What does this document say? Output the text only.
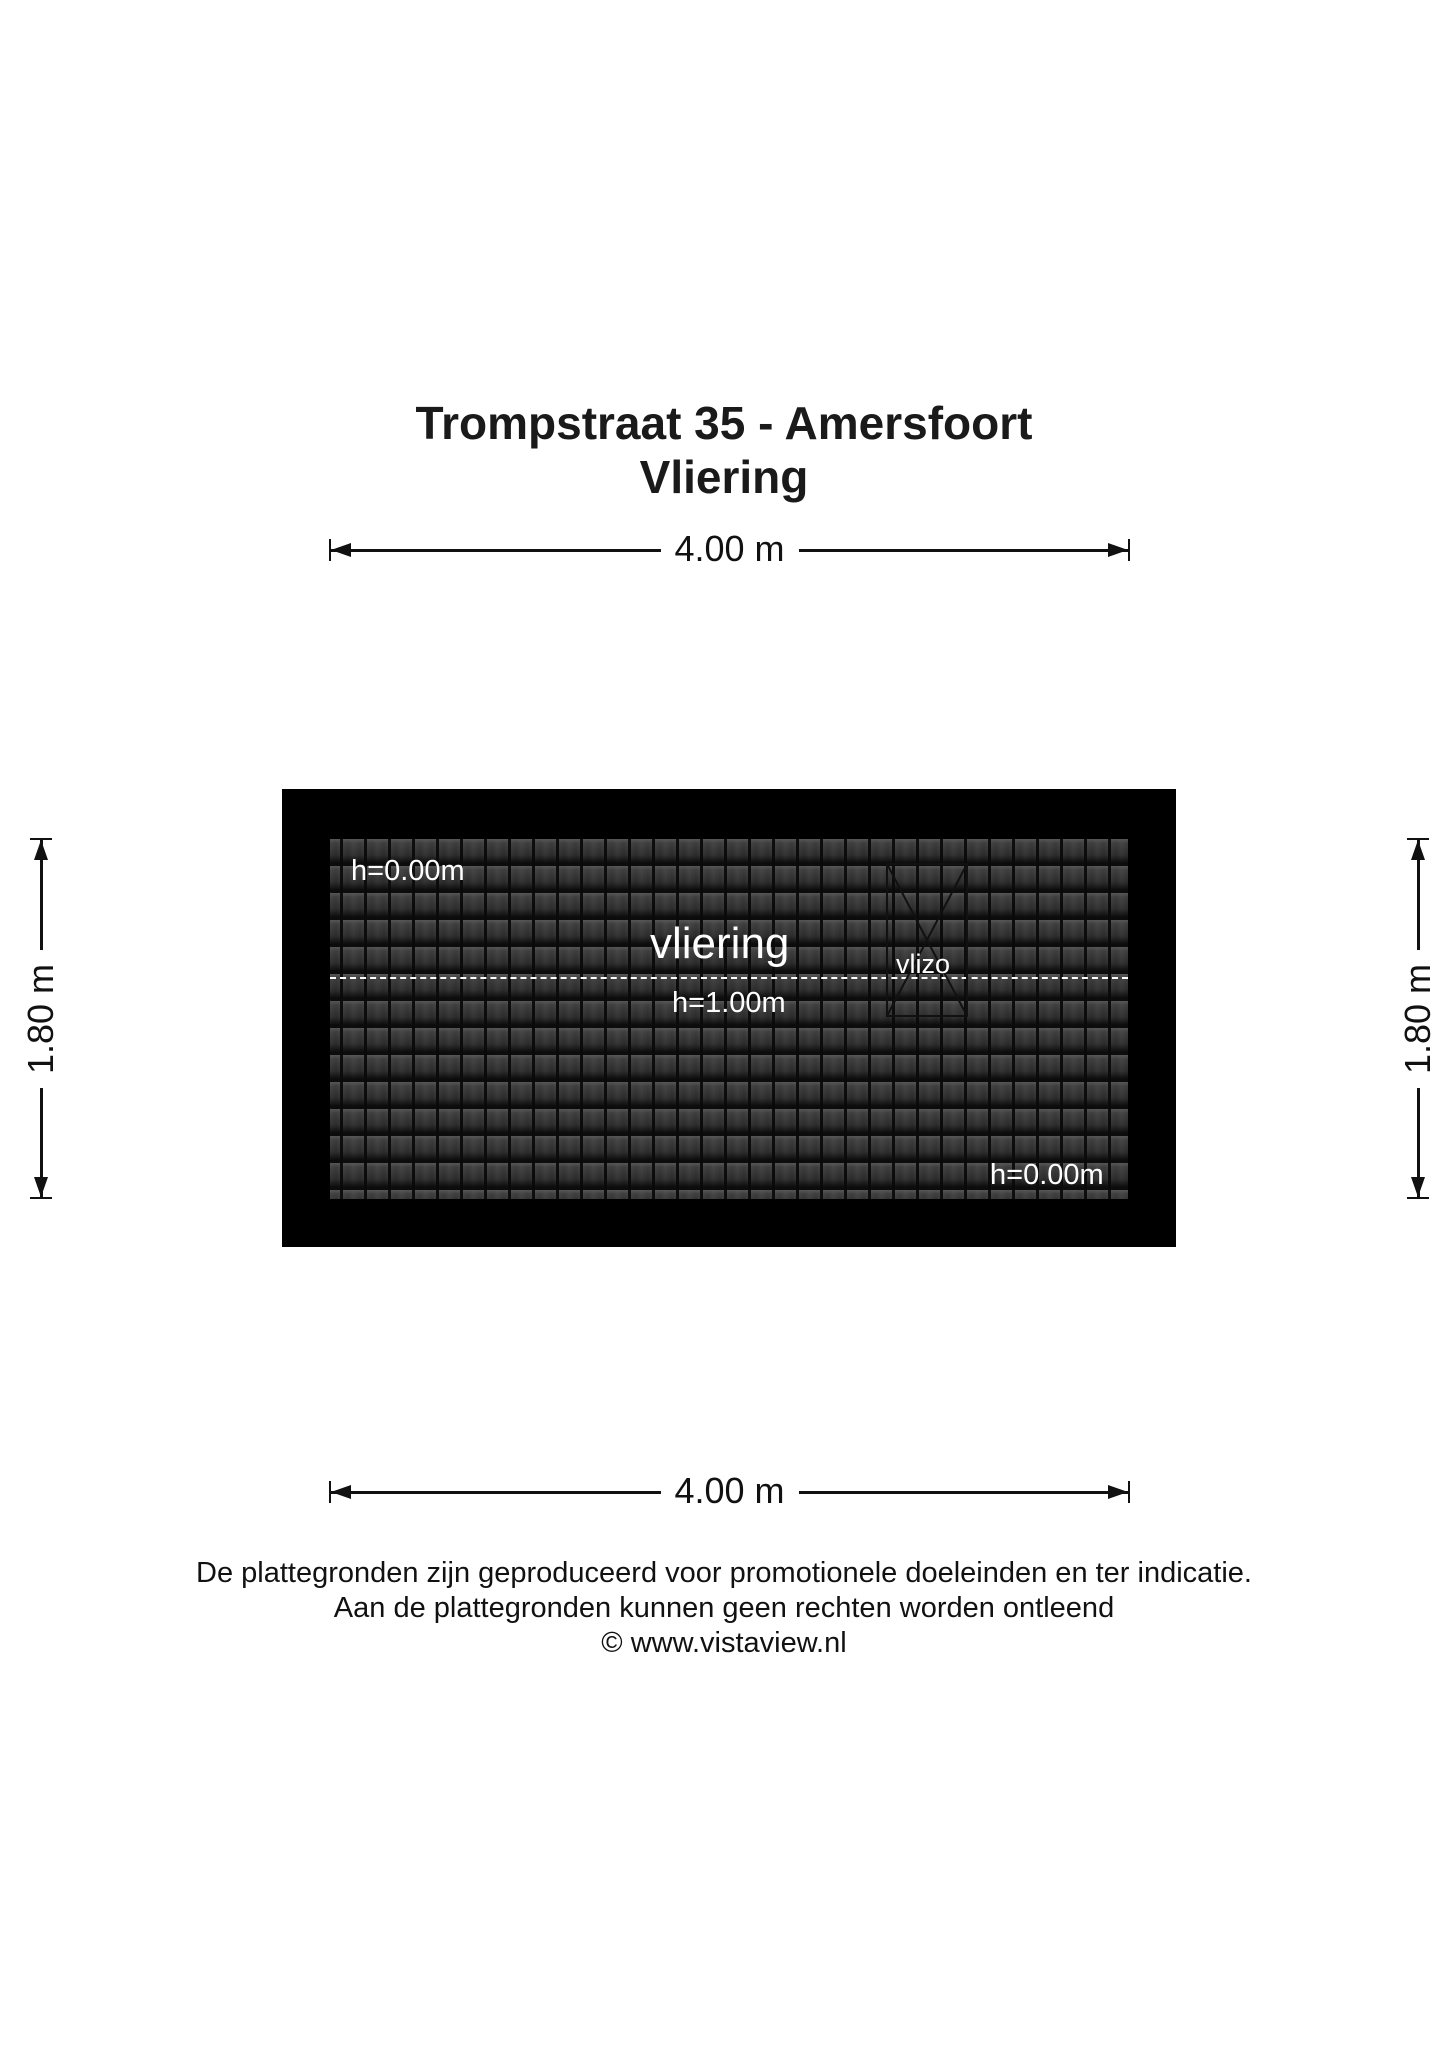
Trompstraat 35 - Amersfoort
Vliering
4.00 m
1.80 m	1.80 m
h=0.00m
vliering
h=1.00m
vlizo
h=0.00m
4.00 m
De plattegronden zijn geproduceerd voor promotionele doeleinden en ter indicatie.
Aan de plattegronden kunnen geen rechten worden ontleend
© www.vistaview.nl
